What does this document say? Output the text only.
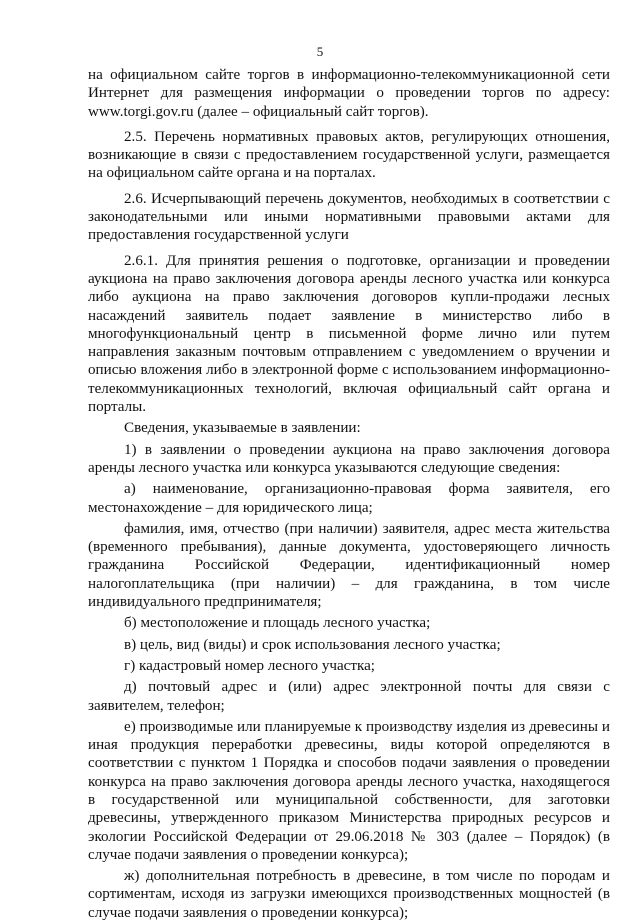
5

на официальном сайте торгов в информационно-телекоммуникационной сети Интернет для размещения информации о проведении торгов по адресу: www.torgi.gov.ru (далее – официальный сайт торгов).

2.5. Перечень нормативных правовых актов, регулирующих отношения, возникающие в связи с предоставлением государственной услуги, размещается на официальном сайте органа и на порталах.

2.6. Исчерпывающий перечень документов, необходимых в соответствии с законодательными или иными нормативными правовыми актами для предоставления государственной услуги

2.6.1. Для принятия решения о подготовке, организации и проведении аукциона на право заключения договора аренды лесного участка или конкурса либо аукциона на право заключения договоров купли-продажи лесных насаждений заявитель подает заявление в министерство либо в многофункциональный центр в письменной форме лично или путем направления заказным почтовым отправлением с уведомлением о вручении и описью вложения либо в электронной форме с использованием информационно-телекоммуникационных технологий, включая официальный сайт органа и порталы.

Сведения, указываемые в заявлении:

1) в заявлении о проведении аукциона на право заключения договора аренды лесного участка или конкурса указываются следующие сведения:

а) наименование, организационно-правовая форма заявителя, его местонахождение – для юридического лица;

фамилия, имя, отчество (при наличии) заявителя, адрес места жительства (временного пребывания), данные документа, удостоверяющего личность гражданина Российской Федерации, идентификационный номер налогоплательщика (при наличии) – для гражданина, в том числе индивидуального предпринимателя;

б) местоположение и площадь лесного участка;

в) цель, вид (виды) и срок использования лесного участка;

г) кадастровый номер лесного участка;

д) почтовый адрес и (или) адрес электронной почты для связи с заявителем, телефон;

е) производимые или планируемые к производству изделия из древесины и иная продукция переработки древесины, виды которой определяются в соответствии с пунктом 1 Порядка и способов подачи заявления о проведении конкурса на право заключения договора аренды лесного участка, находящегося в государственной или муниципальной собственности, для заготовки древесины, утвержденного приказом Министерства природных ресурсов и экологии Российской Федерации от 29.06.2018 № 303 (далее – Порядок) (в случае подачи заявления о проведении конкурса);

ж) дополнительная потребность в древесине, в том числе по породам и сортиментам, исходя из загрузки имеющихся производственных мощностей (в случае подачи заявления о проведении конкурса);
